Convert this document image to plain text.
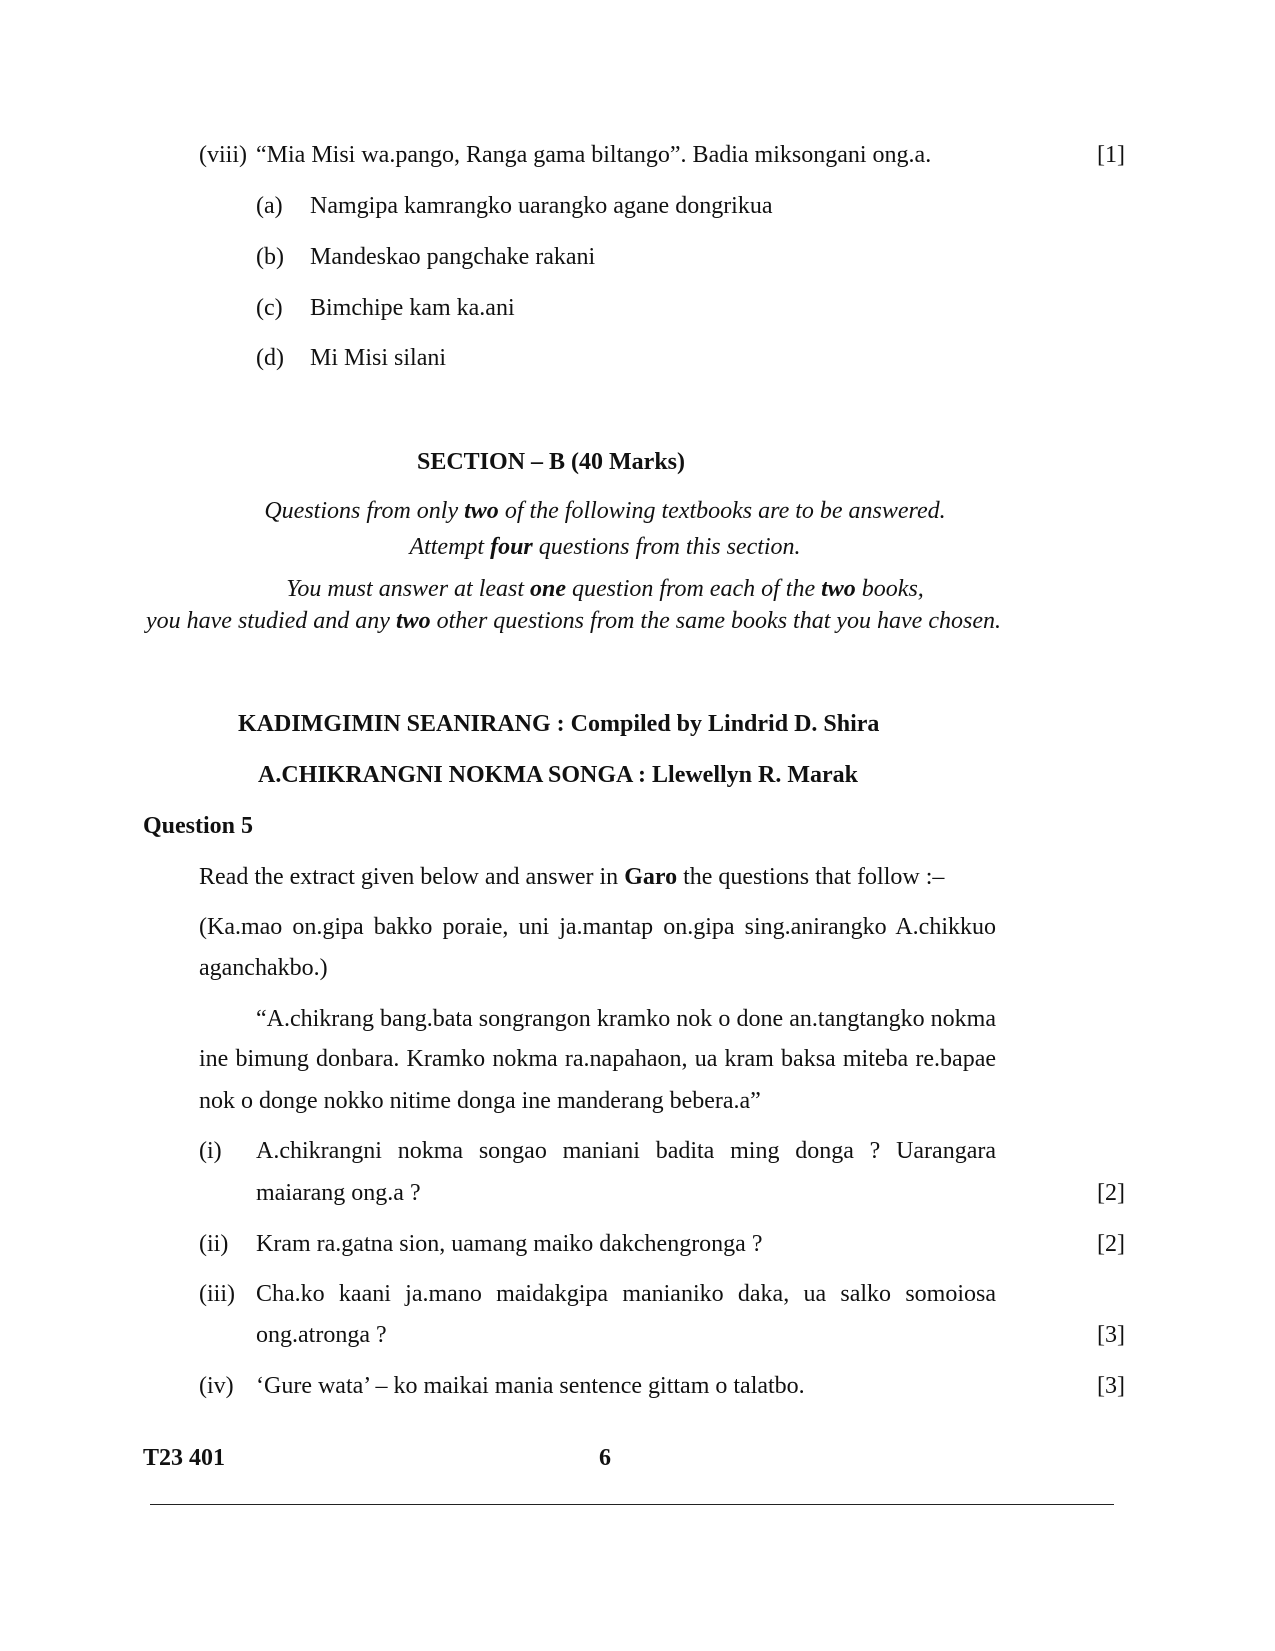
(viii) “Mia Misi wa.pango, Ranga gama biltango”. Badia miksongani ong.a.	[1]
(a) Namgipa kamrangko uarangko agane dongrikua
(b) Mandeskao pangchake rakani
(c) Bimchipe kam ka.ani
(d) Mi Misi silani
SECTION – B (40 Marks)
Questions from only two of the following textbooks are to be answered.
Attempt four questions from this section.
You must answer at least one question from each of the two books,
you have studied and any two other questions from the same books that you have chosen.
KADIMGIMIN SEANIRANG : Compiled by Lindrid D. Shira
A.CHIKRANGNI NOKMA SONGA : Llewellyn R. Marak
Question 5
Read the extract given below and answer in Garo the questions that follow :–
(Ka.mao on.gipa bakko poraie, uni ja.mantap on.gipa sing.anirangko A.chikkuo
aganchakbo.)
“A.chikrang bang.bata songrangon kramko nok o done an.tangtangko nokma
ine bimung donbara. Kramko nokma ra.napahaon, ua kram baksa miteba re.bapae
nok o donge nokko nitime donga ine manderang bebera.a”
(i) A.chikrangni nokma songao maniani badita ming donga ? Uarangara
maiarang ong.a ?	[2]
(ii) Kram ra.gatna sion, uamang maiko dakchengronga ?	[2]
(iii) Cha.ko kaani ja.mano maidakgipa manianiko daka, ua salko somoiosa
ong.atronga ?	[3]
(iv) ‘Gure wata’ – ko maikai mania sentence gittam o talatbo.	[3]
T23 401	6
